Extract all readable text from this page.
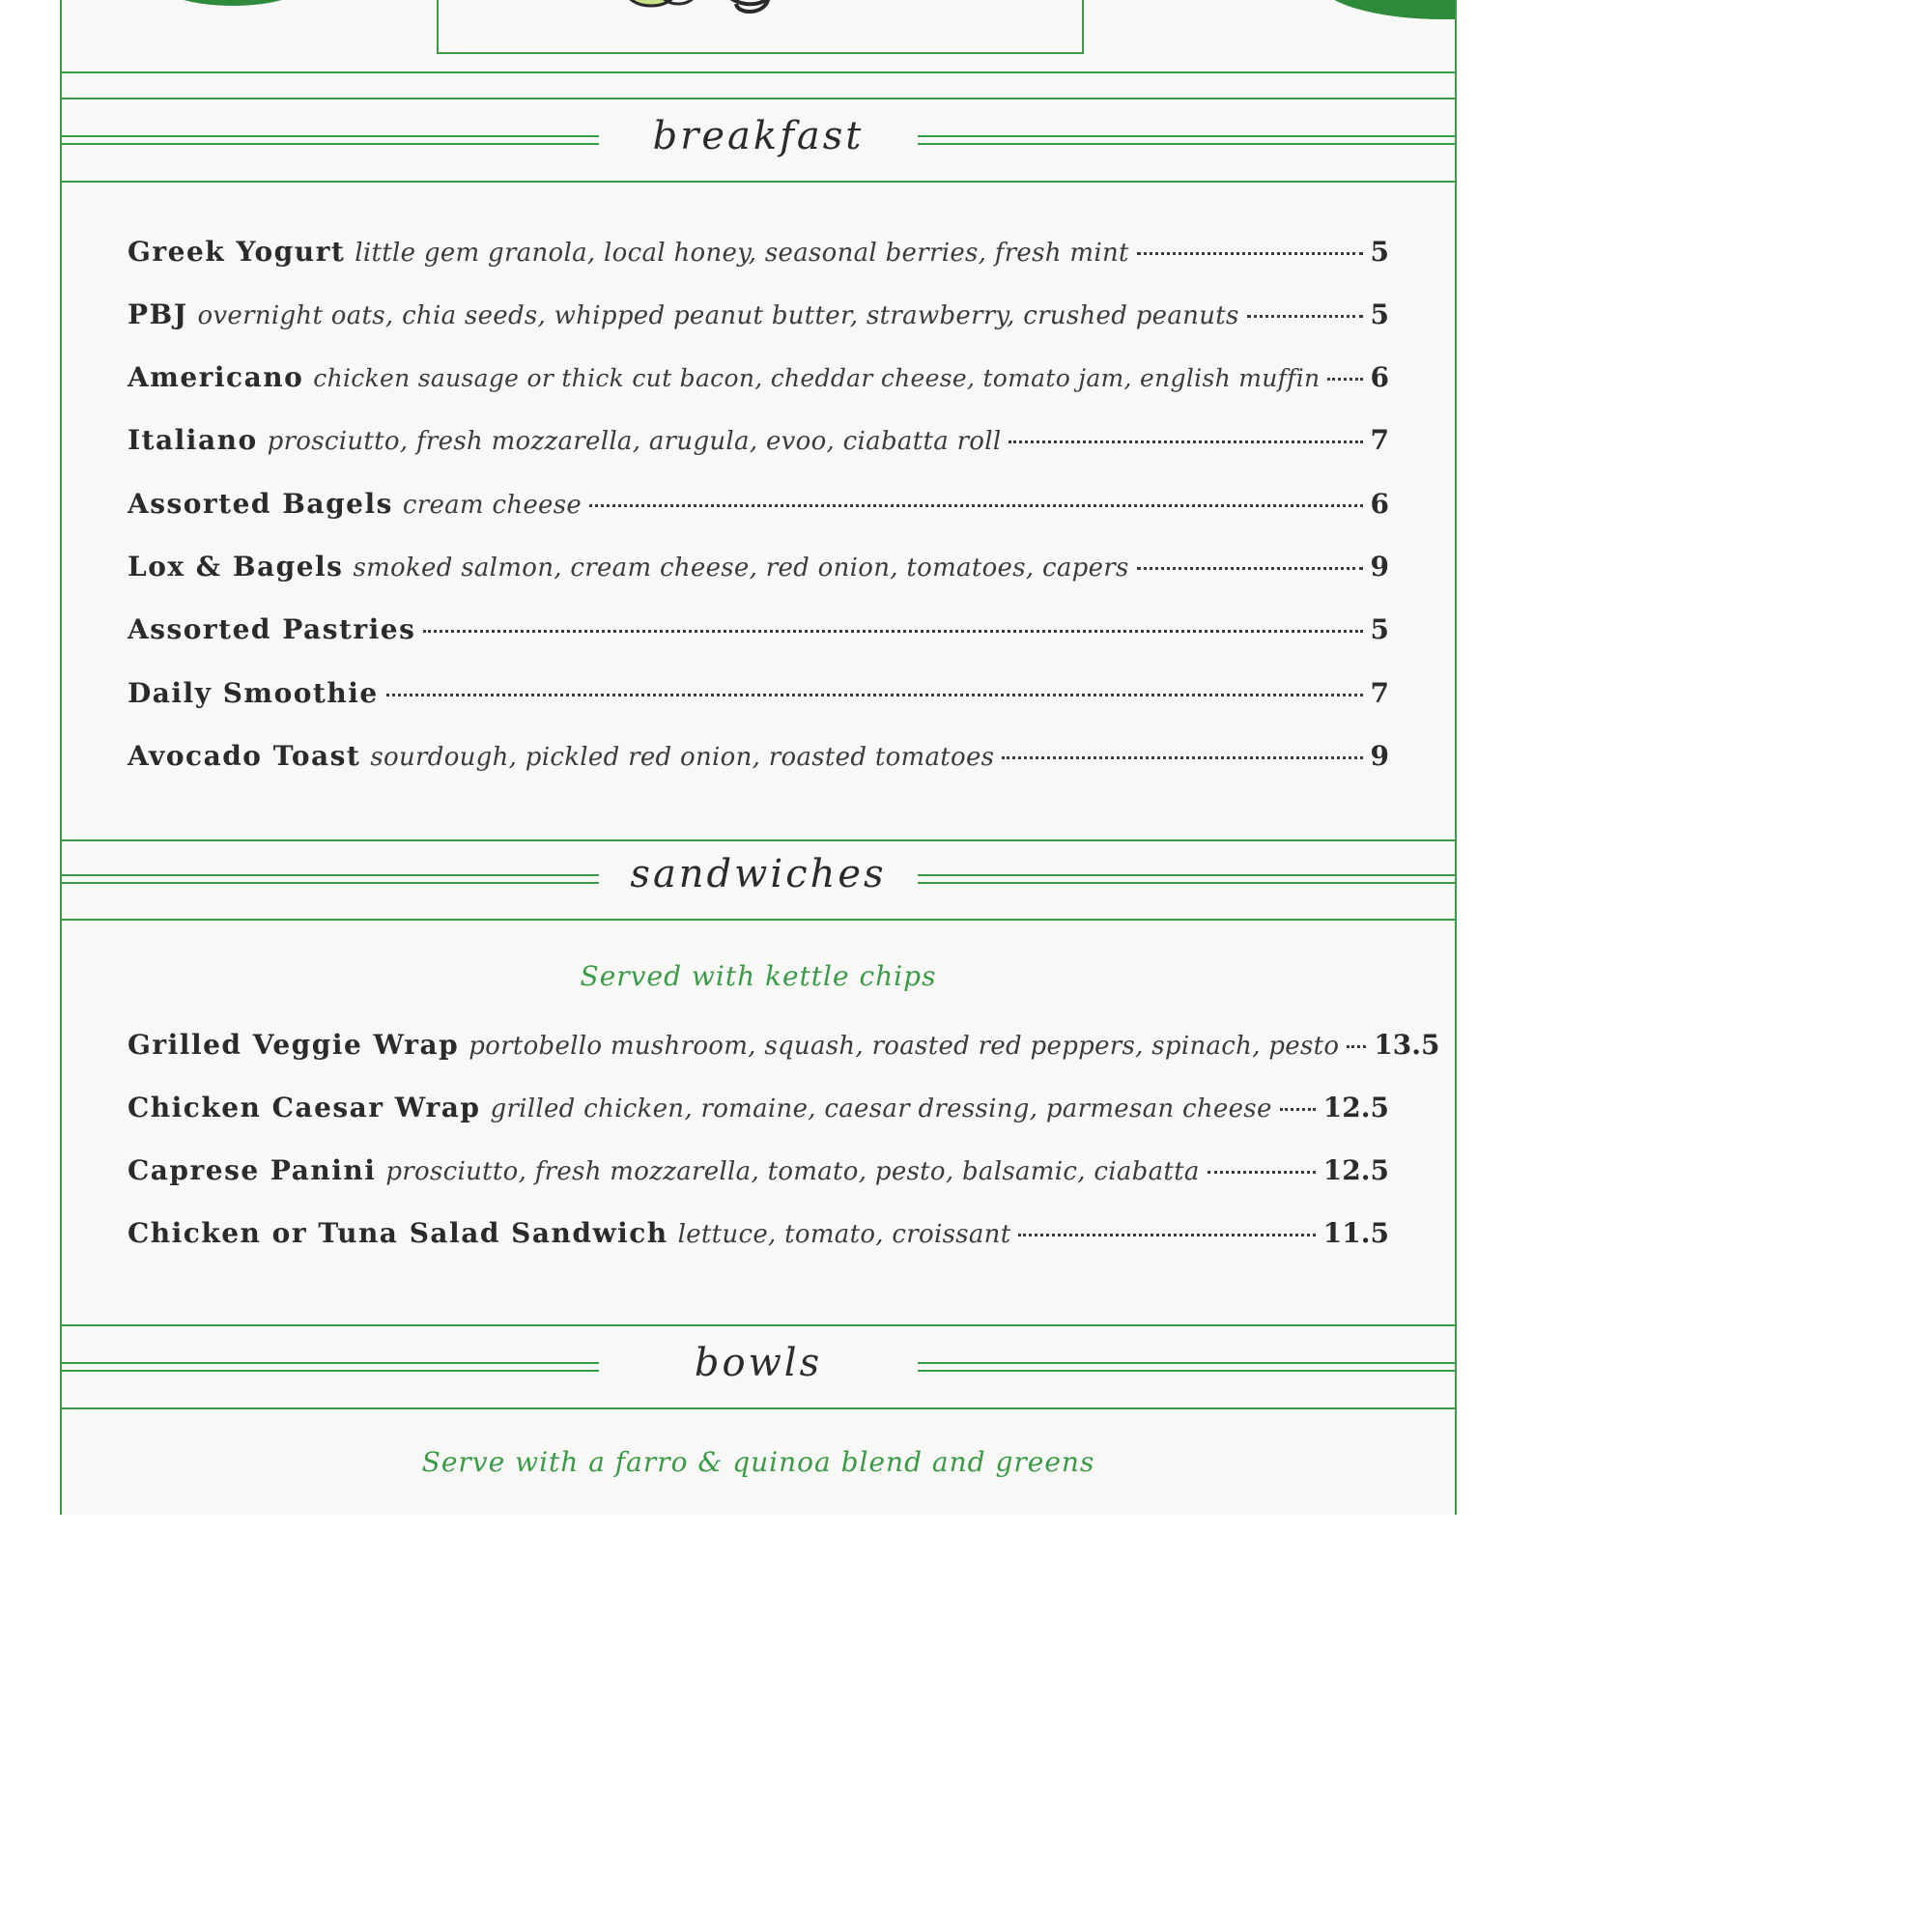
breakfast
Greek Yogurt little gem granola, local honey, seasonal berries, fresh mint	5
PBJ overnight oats, chia seeds, whipped peanut butter, strawberry, crushed peanuts	5
Americano chicken sausage or thick cut bacon, cheddar cheese, tomato jam, english muffin 6
Italiano prosciutto, fresh mozzarella, arugula, evoo, ciabatta roll	7
Assorted Bagels cream cheese	6
Lox & Bagels smoked salmon, cream cheese, red onion, tomatoes, capers	9
Assorted Pastries	5
Daily Smoothie	7
Avocado Toast sourdough, pickled red onion, roasted tomatoes	9
sandwiches
Served with kettle chips
Grilled Veggie Wrap portobello mushroom, squash, roasted red peppers, spinach, pesto 13.5
Chicken Caesar Wrap grilled chicken, romaine, caesar dressing, parmesan cheese 12.5
Caprese Panini prosciutto, fresh mozzarella, tomato, pesto, balsamic, ciabatta	12.5
Chicken or Tuna Salad Sandwich lettuce, tomato, croissant	11.5
bowls
Serve with a farro & quinoa blend and greens
